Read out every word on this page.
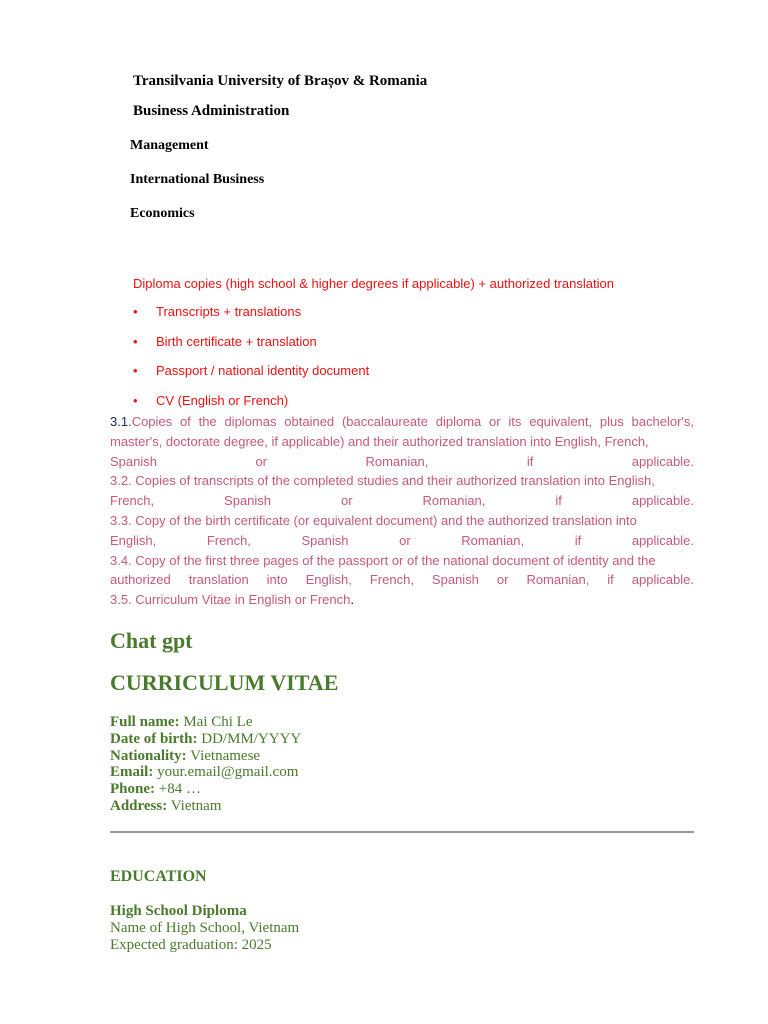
Transilvania University of Brașov & Romania
Business Administration
Management
International Business
Economics
Diploma copies (high school & higher degrees if applicable) + authorized translation
• Transcripts + translations
• Birth certificate + translation
• Passport / national identity document
• CV (English or French)
3.1. Copies of the diplomas obtained (baccalaureate diploma or its equivalent, plus bachelor's,
master's, doctorate degree, if applicable) and their authorized translation into English, French,
Spanish	or	Romanian,	if	applicable.
3.2. Copies of transcripts of the completed studies and their authorized translation into English,
French,	Spanish	or	Romanian,	if	applicable.
3.3. Copy of the birth certificate (or equivalent document) and the authorized translation into
English,	French,	Spanish	or	Romanian,	if	applicable.
3.4. Copy of the first three pages of the passport or of the national document of identity and the
authorized translation into English, French, Spanish or Romanian, if applicable.
3.5. Curriculum Vitae in English or French.
Chat gpt
CURRICULUM VITAE
Full name: Mai Chi Le
Date of birth: DD/MM/YYYY
Nationality: Vietnamese
Email: your.email@gmail.com
Phone: +84 …
Address: Vietnam
EDUCATION
High School Diploma
Name of High School, Vietnam
Expected graduation: 2025
